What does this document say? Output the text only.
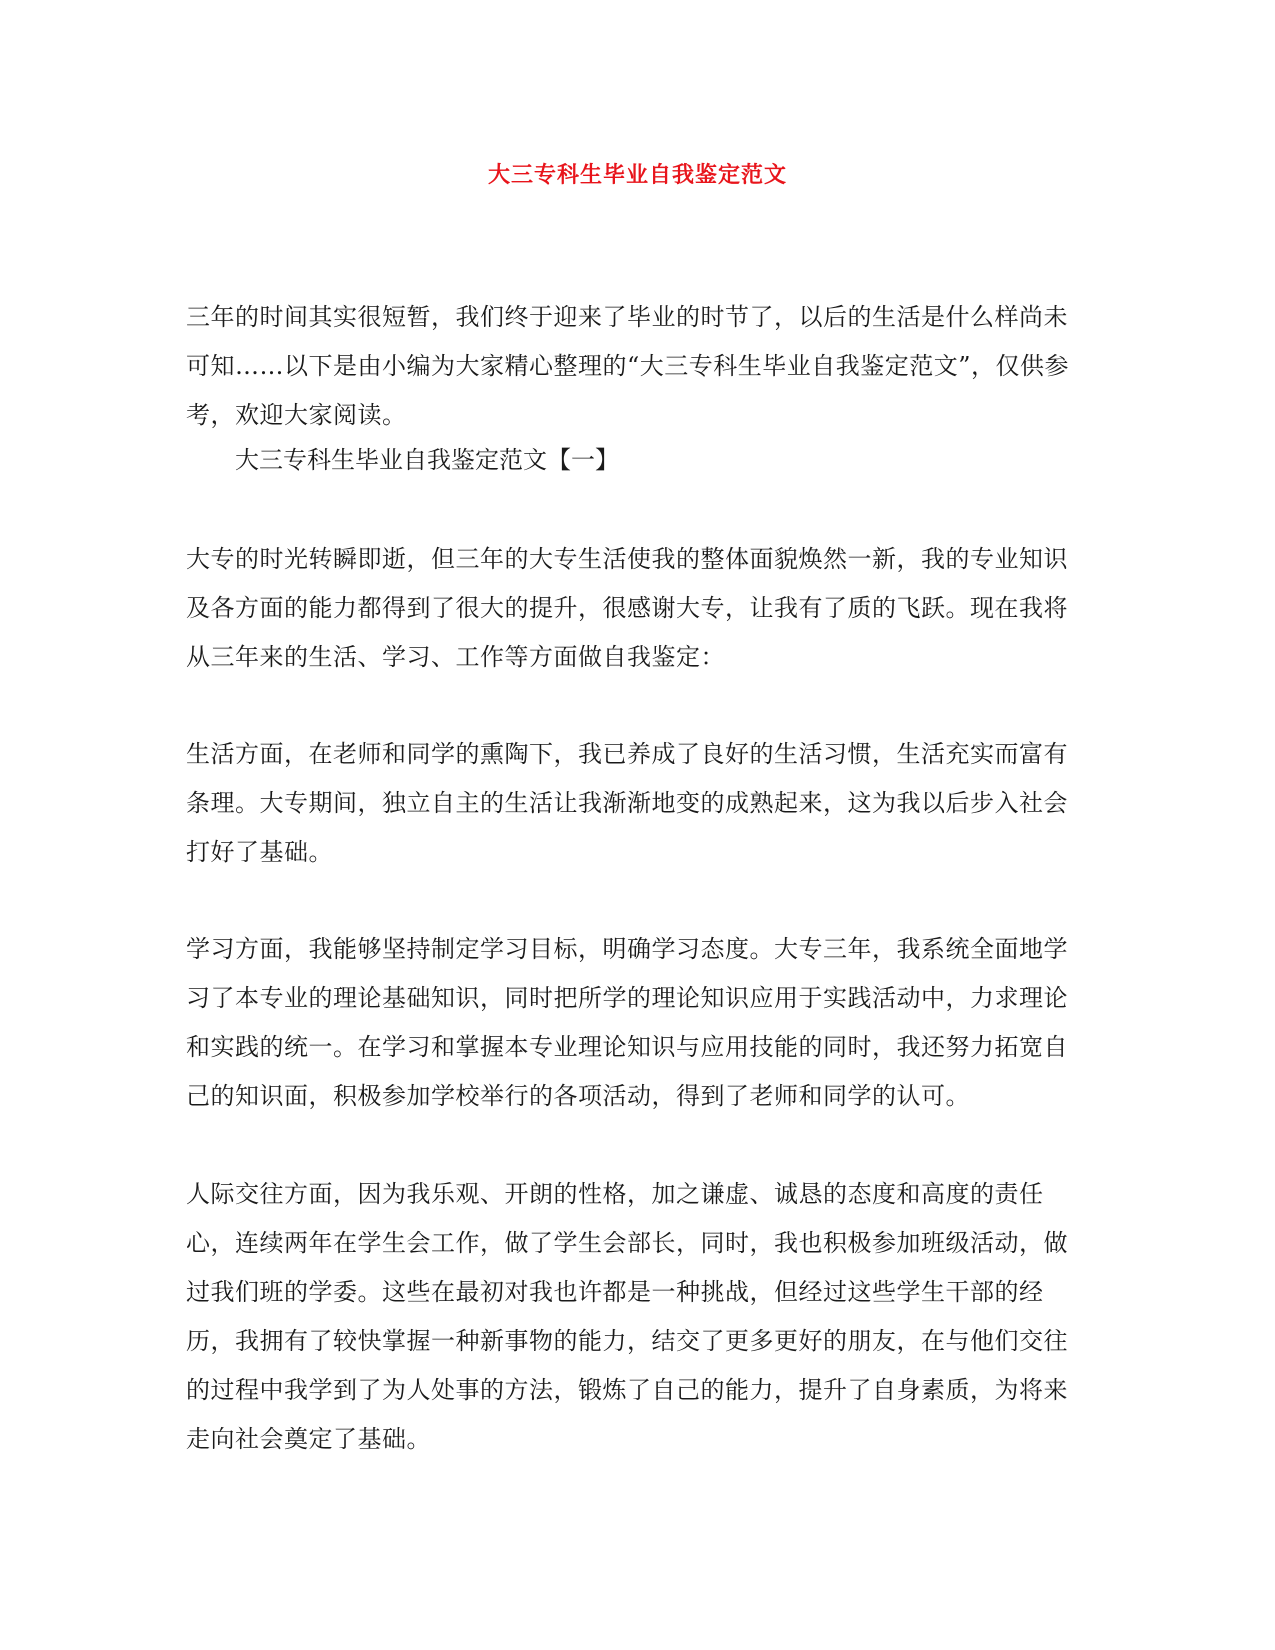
大三专科生毕业自我鉴定范文

三年的时间其实很短暂，我们终于迎来了毕业的时节了，以后的生活是什么样尚未可知……以下是由小编为大家精心整理的“大三专科生毕业自我鉴定范文”，仅供参考，欢迎大家阅读。

大三专科生毕业自我鉴定范文【一】

大专的时光转瞬即逝，但三年的大专生活使我的整体面貌焕然一新，我的专业知识及各方面的能力都得到了很大的提升，很感谢大专，让我有了质的飞跃。现在我将从三年来的生活、学习、工作等方面做自我鉴定：

生活方面，在老师和同学的熏陶下，我已养成了良好的生活习惯，生活充实而富有条理。大专期间，独立自主的生活让我渐渐地变的成熟起来，这为我以后步入社会打好了基础。

学习方面，我能够坚持制定学习目标，明确学习态度。大专三年，我系统全面地学习了本专业的理论基础知识，同时把所学的理论知识应用于实践活动中，力求理论和实践的统一。在学习和掌握本专业理论知识与应用技能的同时，我还努力拓宽自己的知识面，积极参加学校举行的各项活动，得到了老师和同学的认可。

人际交往方面，因为我乐观、开朗的性格，加之谦虚、诚恳的态度和高度的责任心，连续两年在学生会工作，做了学生会部长，同时，我也积极参加班级活动，做过我们班的学委。这些在最初对我也许都是一种挑战，但经过这些学生干部的经历，我拥有了较快掌握一种新事物的能力，结交了更多更好的朋友，在与他们交往的过程中我学到了为人处事的方法，锻炼了自己的能力，提升了自身素质，为将来走向社会奠定了基础。
